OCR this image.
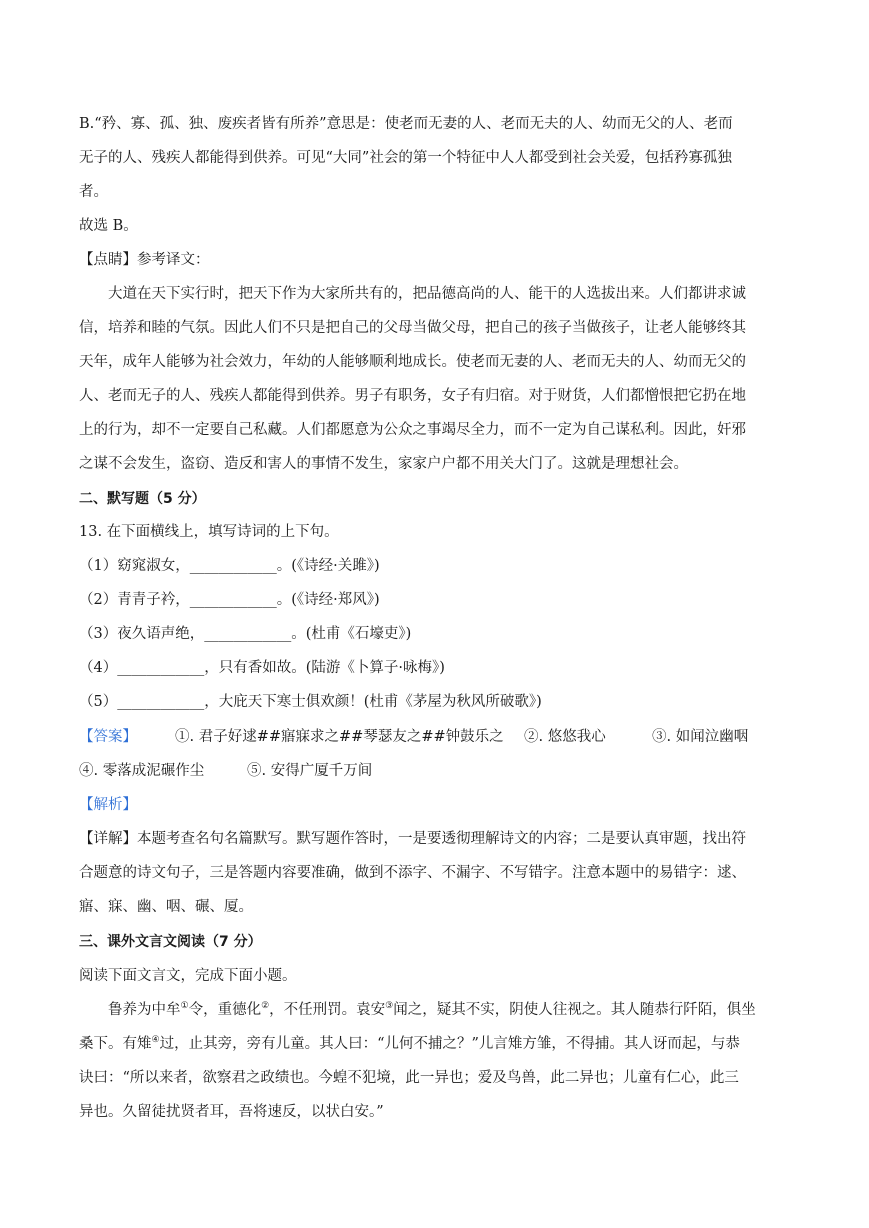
B.“矜、寡、孤、独、废疾者皆有所养”意思是：使老而无妻的人、老而无夫的人、幼而无父的人、老而
无子的人、残疾人都能得到供养。可见“大同”社会的第一个特征中人人都受到社会关爱，包括矜寡孤独
者。
故选 B。
【点睛】参考译文：
大道在天下实行时，把天下作为大家所共有的，把品德高尚的人、能干的人选拔出来。人们都讲求诚
信，培养和睦的气氛。因此人们不只是把自己的父母当做父母，把自己的孩子当做孩子，让老人能够终其
天年，成年人能够为社会效力，年幼的人能够顺利地成长。使老而无妻的人、老而无夫的人、幼而无父的
人、老而无子的人、残疾人都能得到供养。男子有职务，女子有归宿。对于财货，人们都憎恨把它扔在地
上的行为，却不一定要自己私藏。人们都愿意为公众之事竭尽全力，而不一定为自己谋私利。因此，奸邪
之谋不会发生，盗窃、造反和害人的事情不发生，家家户户都不用关大门了。这就是理想社会。
二、默写题（5 分）
13. 在下面横线上，填写诗词的上下句。
（1）窈窕淑女，____________。(《诗经·关雎》)
（2）青青子衿，____________。(《诗经·郑风》)
（3）夜久语声绝，____________。(杜甫《石壕吏》)
（4）____________，只有香如故。(陆游《卜算子·咏梅》)
（5）____________，大庇天下寒士俱欢颜！(杜甫《茅屋为秋风所破歌》)
【答案】	①. 君子好逑##寤寐求之##琴瑟友之##钟鼓乐之 ②. 悠悠我心	③. 如闻泣幽咽
④. 零落成泥碾作尘	⑤. 安得广厦千万间
【解析】
【详解】本题考查名句名篇默写。默写题作答时，一是要透彻理解诗文的内容；二是要认真审题，找出符
合题意的诗文句子，三是答题内容要准确，做到不添字、不漏字、不写错字。注意本题中的易错字：逑、
寤、寐、幽、咽、碾、厦。
三、课外文言文阅读（7 分）
阅读下面文言文，完成下面小题。
鲁养为中牟①令，重德化②，不任刑罚。袁安③闻之，疑其不实，阴使人往视之。其人随恭行阡陌，俱坐
桑下。有雉④过，止其旁，旁有儿童。其人曰：“儿何不捕之？”儿言雉方雏，不得捕。其人讶而起，与恭
诀曰：“所以来者，欲察君之政绩也。今蝗不犯境，此一异也；爱及鸟兽，此二异也；儿童有仁心，此三
异也。久留徒扰贤者耳，吾将速反，以状白安。”
